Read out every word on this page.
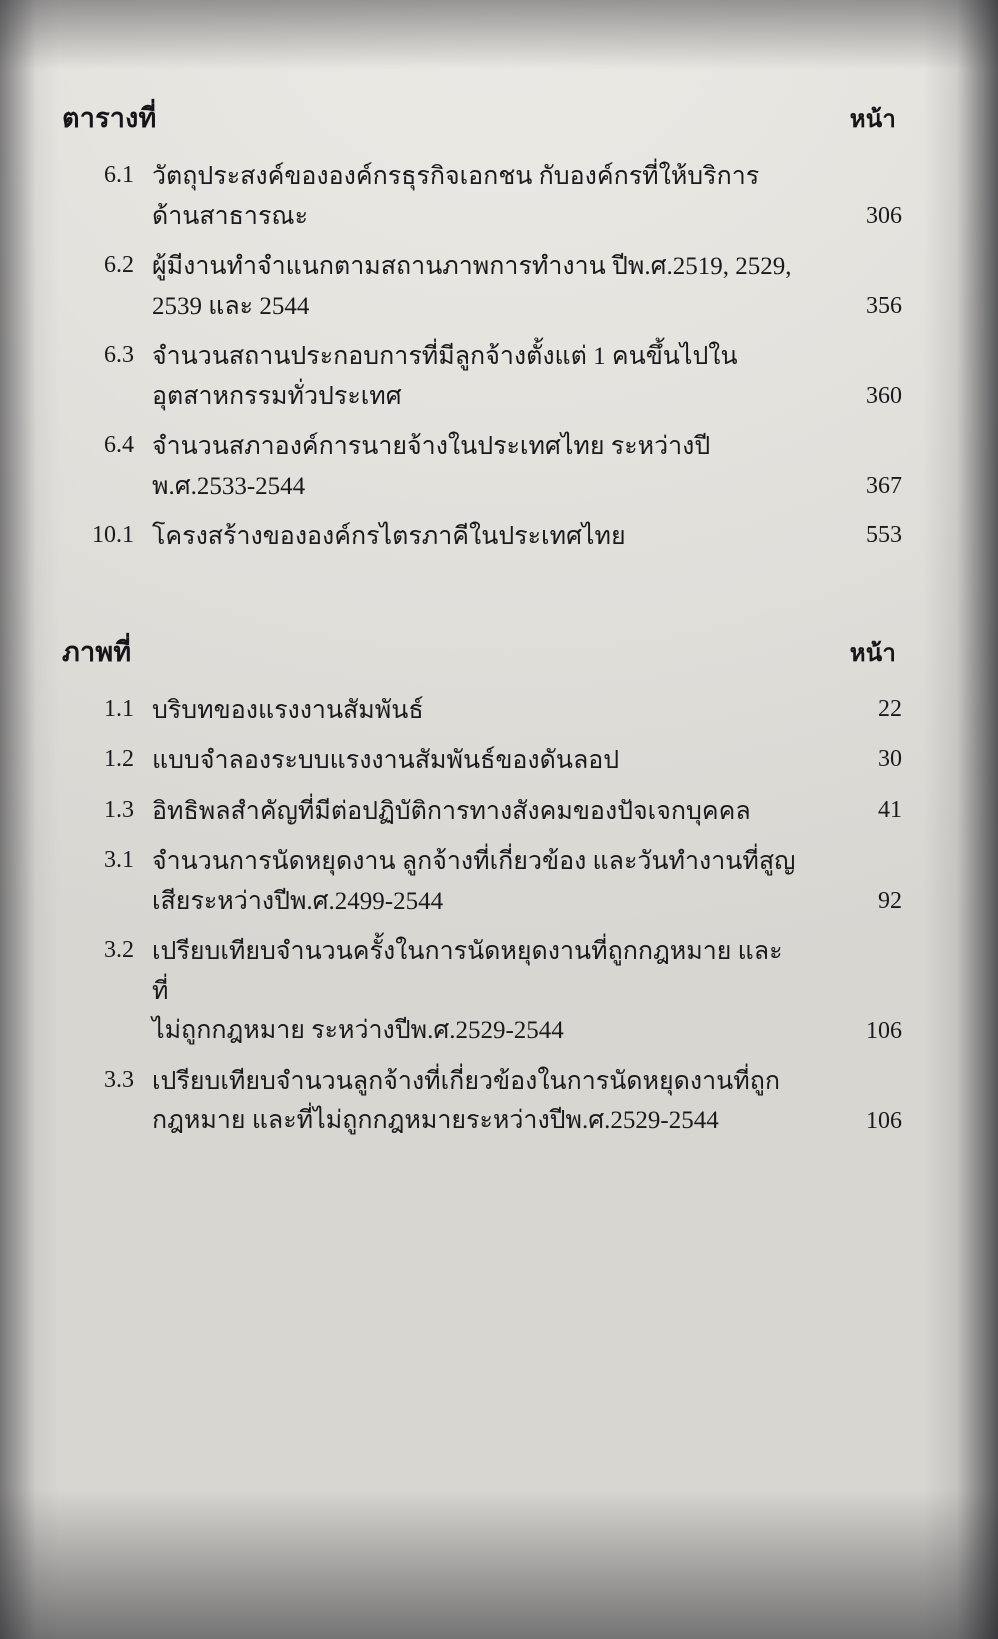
ตารางที่	หน้า
6.1 วัตถุประสงค์ขององค์กรธุรกิจเอกชน กับองค์กรที่ให้บริการ
ด้านสาธารณะ	306
6.2 ผู้มีงานทำจำแนกตามสถานภาพการทำงาน ปีพ.ศ.2519, 2529,
2539 และ 2544	356
6.3 จำนวนสถานประกอบการที่มีลูกจ้างตั้งแต่ 1 คนขึ้นไปใน
อุตสาหกรรมทั่วประเทศ	360
6.4 จำนวนสภาองค์การนายจ้างในประเทศไทย ระหว่างปี
พ.ศ.2533-2544	367
10.1 โครงสร้างขององค์กรไตรภาคีในประเทศไทย	553
ภาพที่	หน้า
1.1 บริบทของแรงงานสัมพันธ์	22
1.2 แบบจำลองระบบแรงงานสัมพันธ์ของดันลอป	30
1.3 อิทธิพลสำคัญที่มีต่อปฏิบัติการทางสังคมของปัจเจกบุคคล	41
3.1 จำนวนการนัดหยุดงาน ลูกจ้างที่เกี่ยวข้อง และวันทำงานที่สูญ
เสียระหว่างปีพ.ศ.2499-2544	92
3.2 เปรียบเทียบจำนวนครั้งในการนัดหยุดงานที่ถูกกฎหมาย และที่
ไม่ถูกกฎหมาย ระหว่างปีพ.ศ.2529-2544	106
3.3 เปรียบเทียบจำนวนลูกจ้างที่เกี่ยวข้องในการนัดหยุดงานที่ถูก
กฎหมาย และที่ไม่ถูกกฎหมายระหว่างปีพ.ศ.2529-2544	106
